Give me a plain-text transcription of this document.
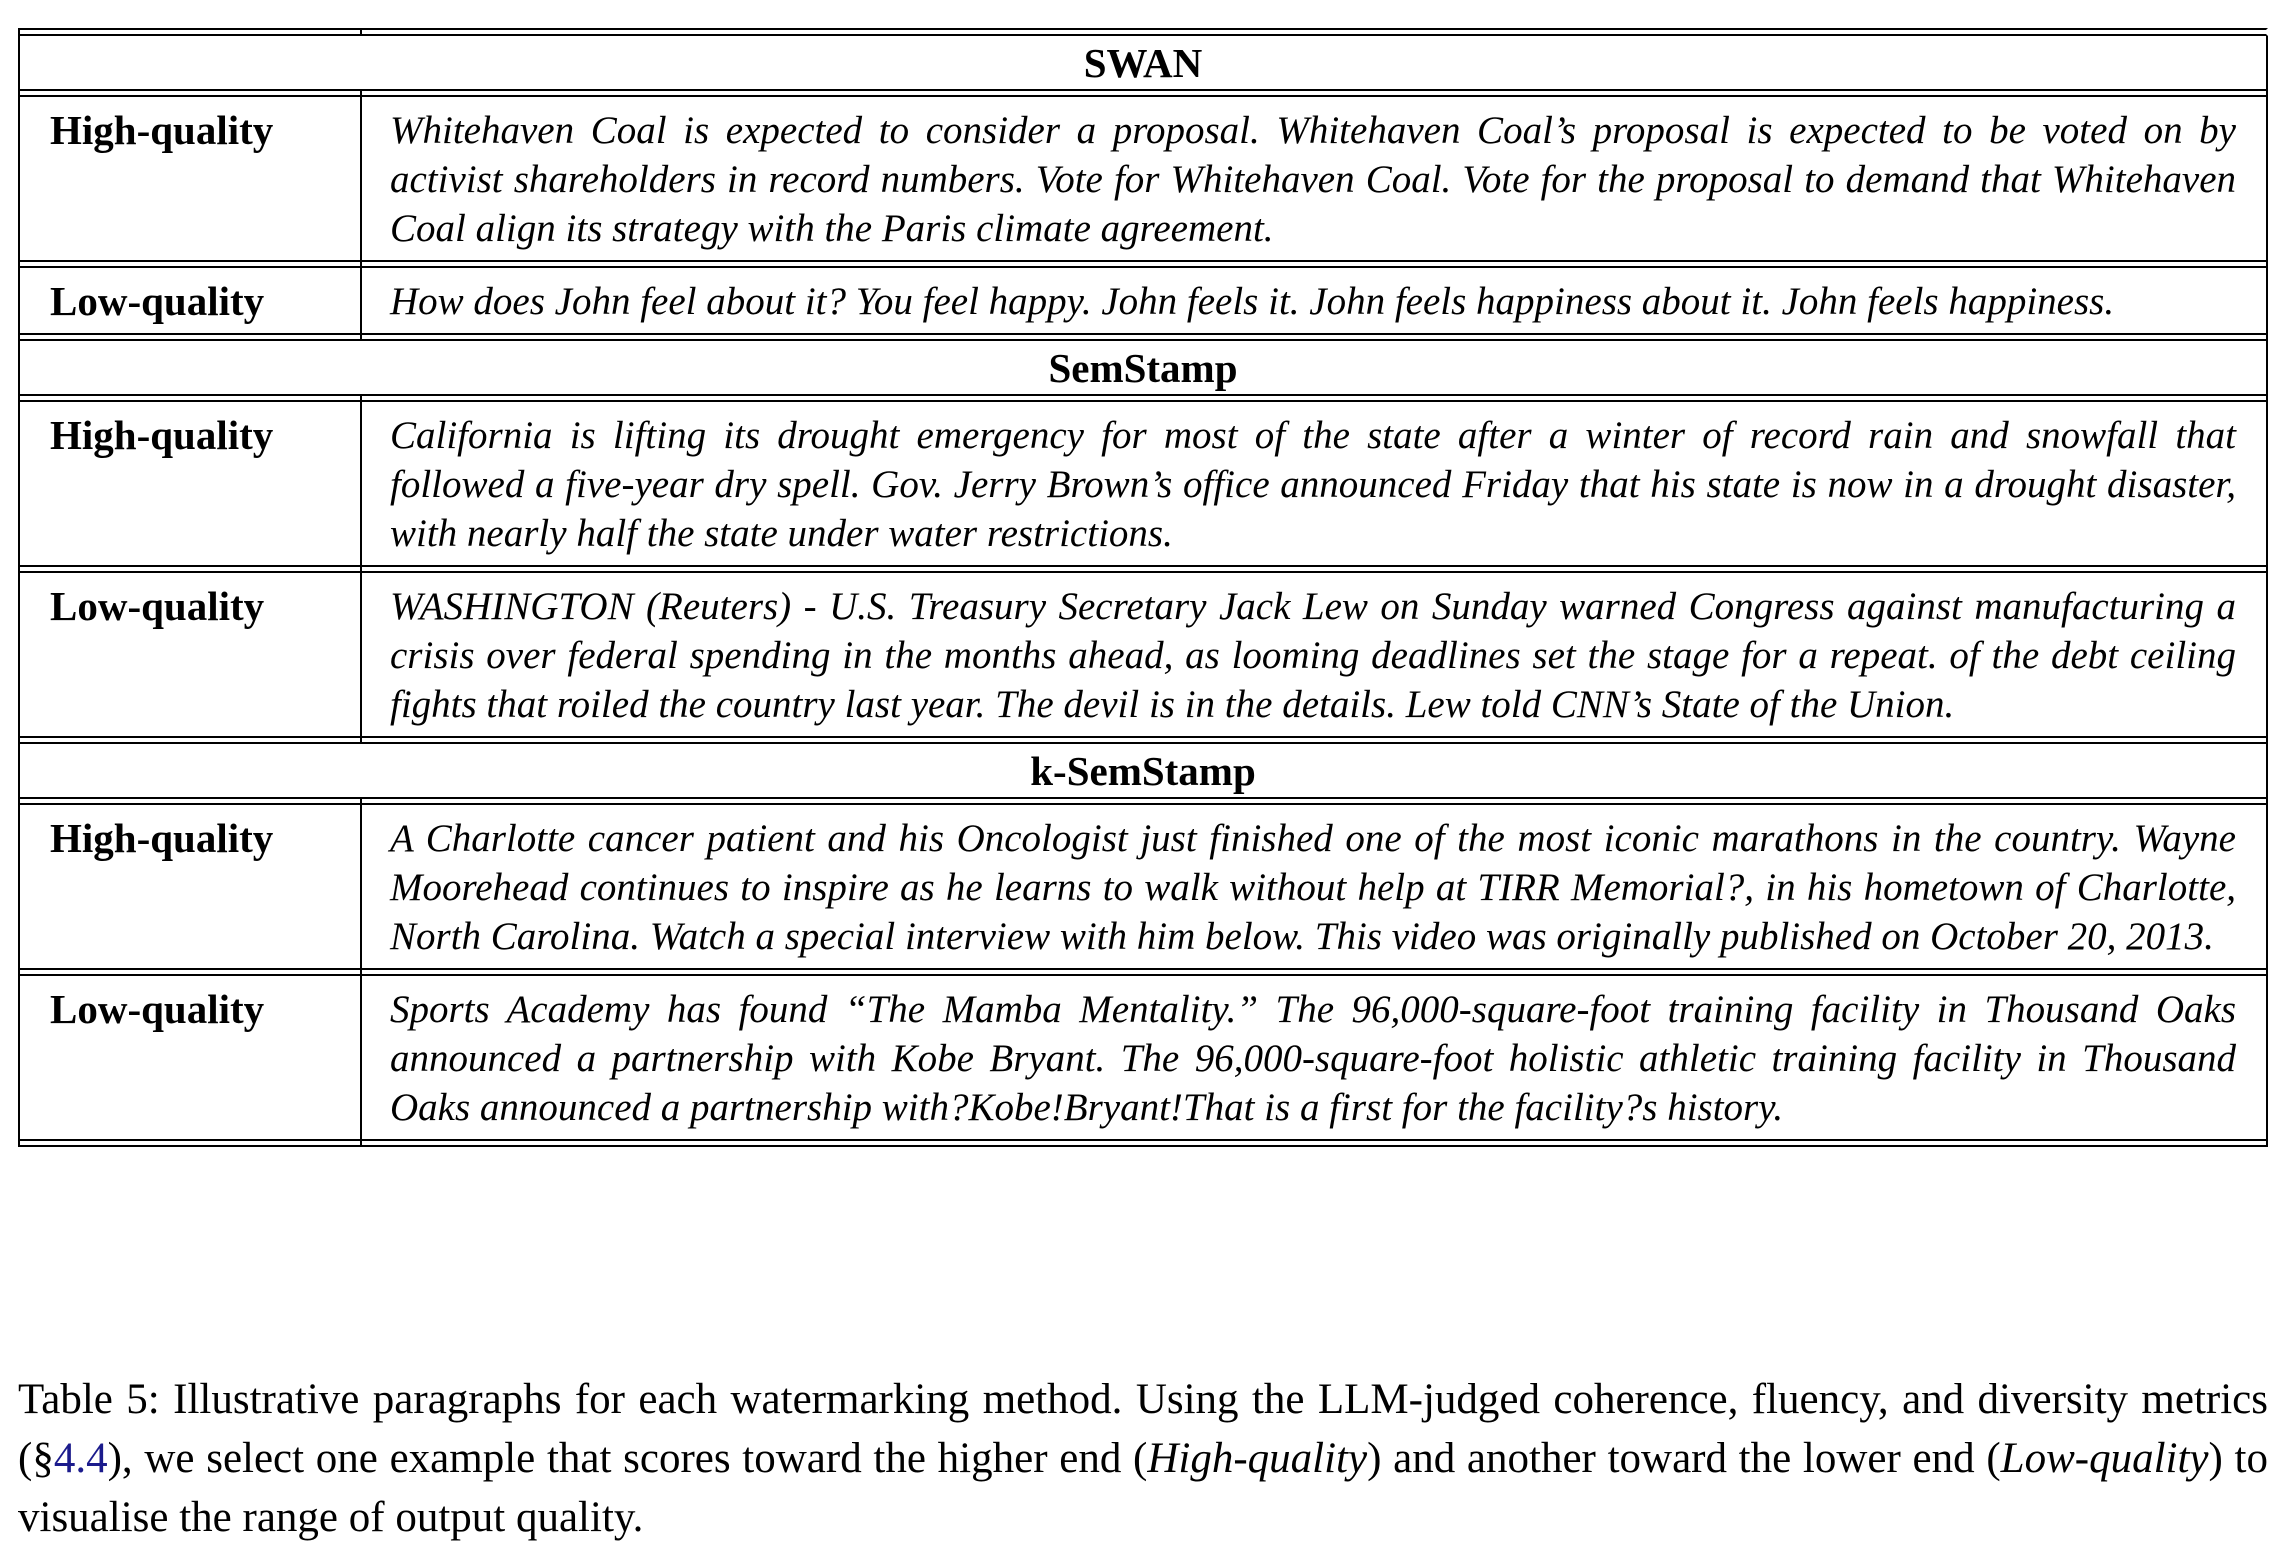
SWAN	

High-quality	Whitehaven Coal is expected to consider a proposal. Whitehaven Coal’s proposal is expected to be voted on by activist shareholders in record numbers. Vote for Whitehaven Coal. Vote for the proposal to demand that Whitehaven Coal align its strategy with the Paris climate agreement.

Low-quality	How does John feel about it? You feel happy. John feels it. John feels happiness about it. John feels happiness.

SemStamp	

High-quality	California is lifting its drought emergency for most of the state after a winter of record rain and snowfall that followed a five-year dry spell. Gov. Jerry Brown’s office announced Friday that his state is now in a drought disaster, with nearly half the state under water restrictions.

Low-quality	WASHINGTON (Reuters) - U.S. Treasury Secretary Jack Lew on Sunday warned Congress against manufacturing a crisis over federal spending in the months ahead, as looming deadlines set the stage for a repeat. of the debt ceiling fights that roiled the country last year. The devil is in the details. Lew told CNN’s State of the Union.

k-SemStamp	

High-quality	A Charlotte cancer patient and his Oncologist just finished one of the most iconic marathons in the country. Wayne Moorehead continues to inspire as he learns to walk without help at TIRR Memorial?, in his hometown of Charlotte, North Carolina. Watch a special interview with him below. This video was originally published on October 20, 2013.

Low-quality	Sports Academy has found “The Mamba Mentality.” The 96,000-square-foot training facility in Thousand Oaks announced a partnership with Kobe Bryant. The 96,000-square-foot holistic athletic training facility in Thousand Oaks announced a partnership with?Kobe!Bryant!That is a first for the facility?s history.

Table 5: Illustrative paragraphs for each watermarking method. Using the LLM-judged coherence, fluency, and diversity metrics (§4.4), we select one example that scores toward the higher end (High-quality) and another toward the lower end (Low-quality) to visualise the range of output quality.
